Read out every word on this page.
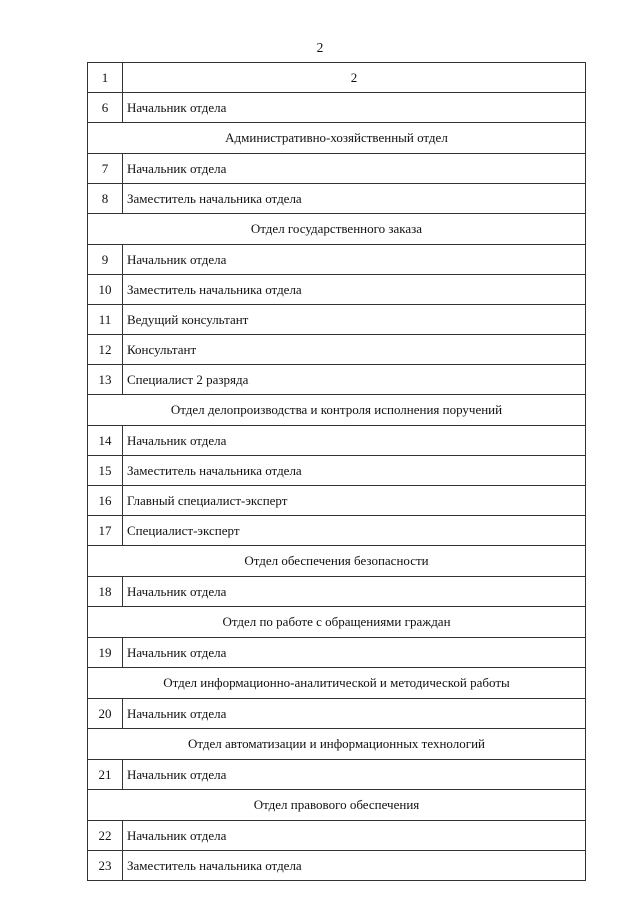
2
1	2
6	Начальник отдела
Административно-хозяйственный отдел	
7	Начальник отдела
8	Заместитель начальника отдела
Отдел государственного заказа	
9	Начальник отдела
10	Заместитель начальника отдела
11	Ведущий консультант
12	Консультант
13	Специалист 2 разряда
Отдел делопроизводства и контроля исполнения поручений	
14	Начальник отдела
15	Заместитель начальника отдела
16	Главный специалист-эксперт
17	Специалист-эксперт
Отдел обеспечения безопасности	
18	Начальник отдела
Отдел по работе с обращениями граждан	
19	Начальник отдела
Отдел информационно-аналитической и методической работы	
20	Начальник отдела
Отдел автоматизации и информационных технологий	
21	Начальник отдела
Отдел правового обеспечения	
22	Начальник отдела
23	Заместитель начальника отдела
